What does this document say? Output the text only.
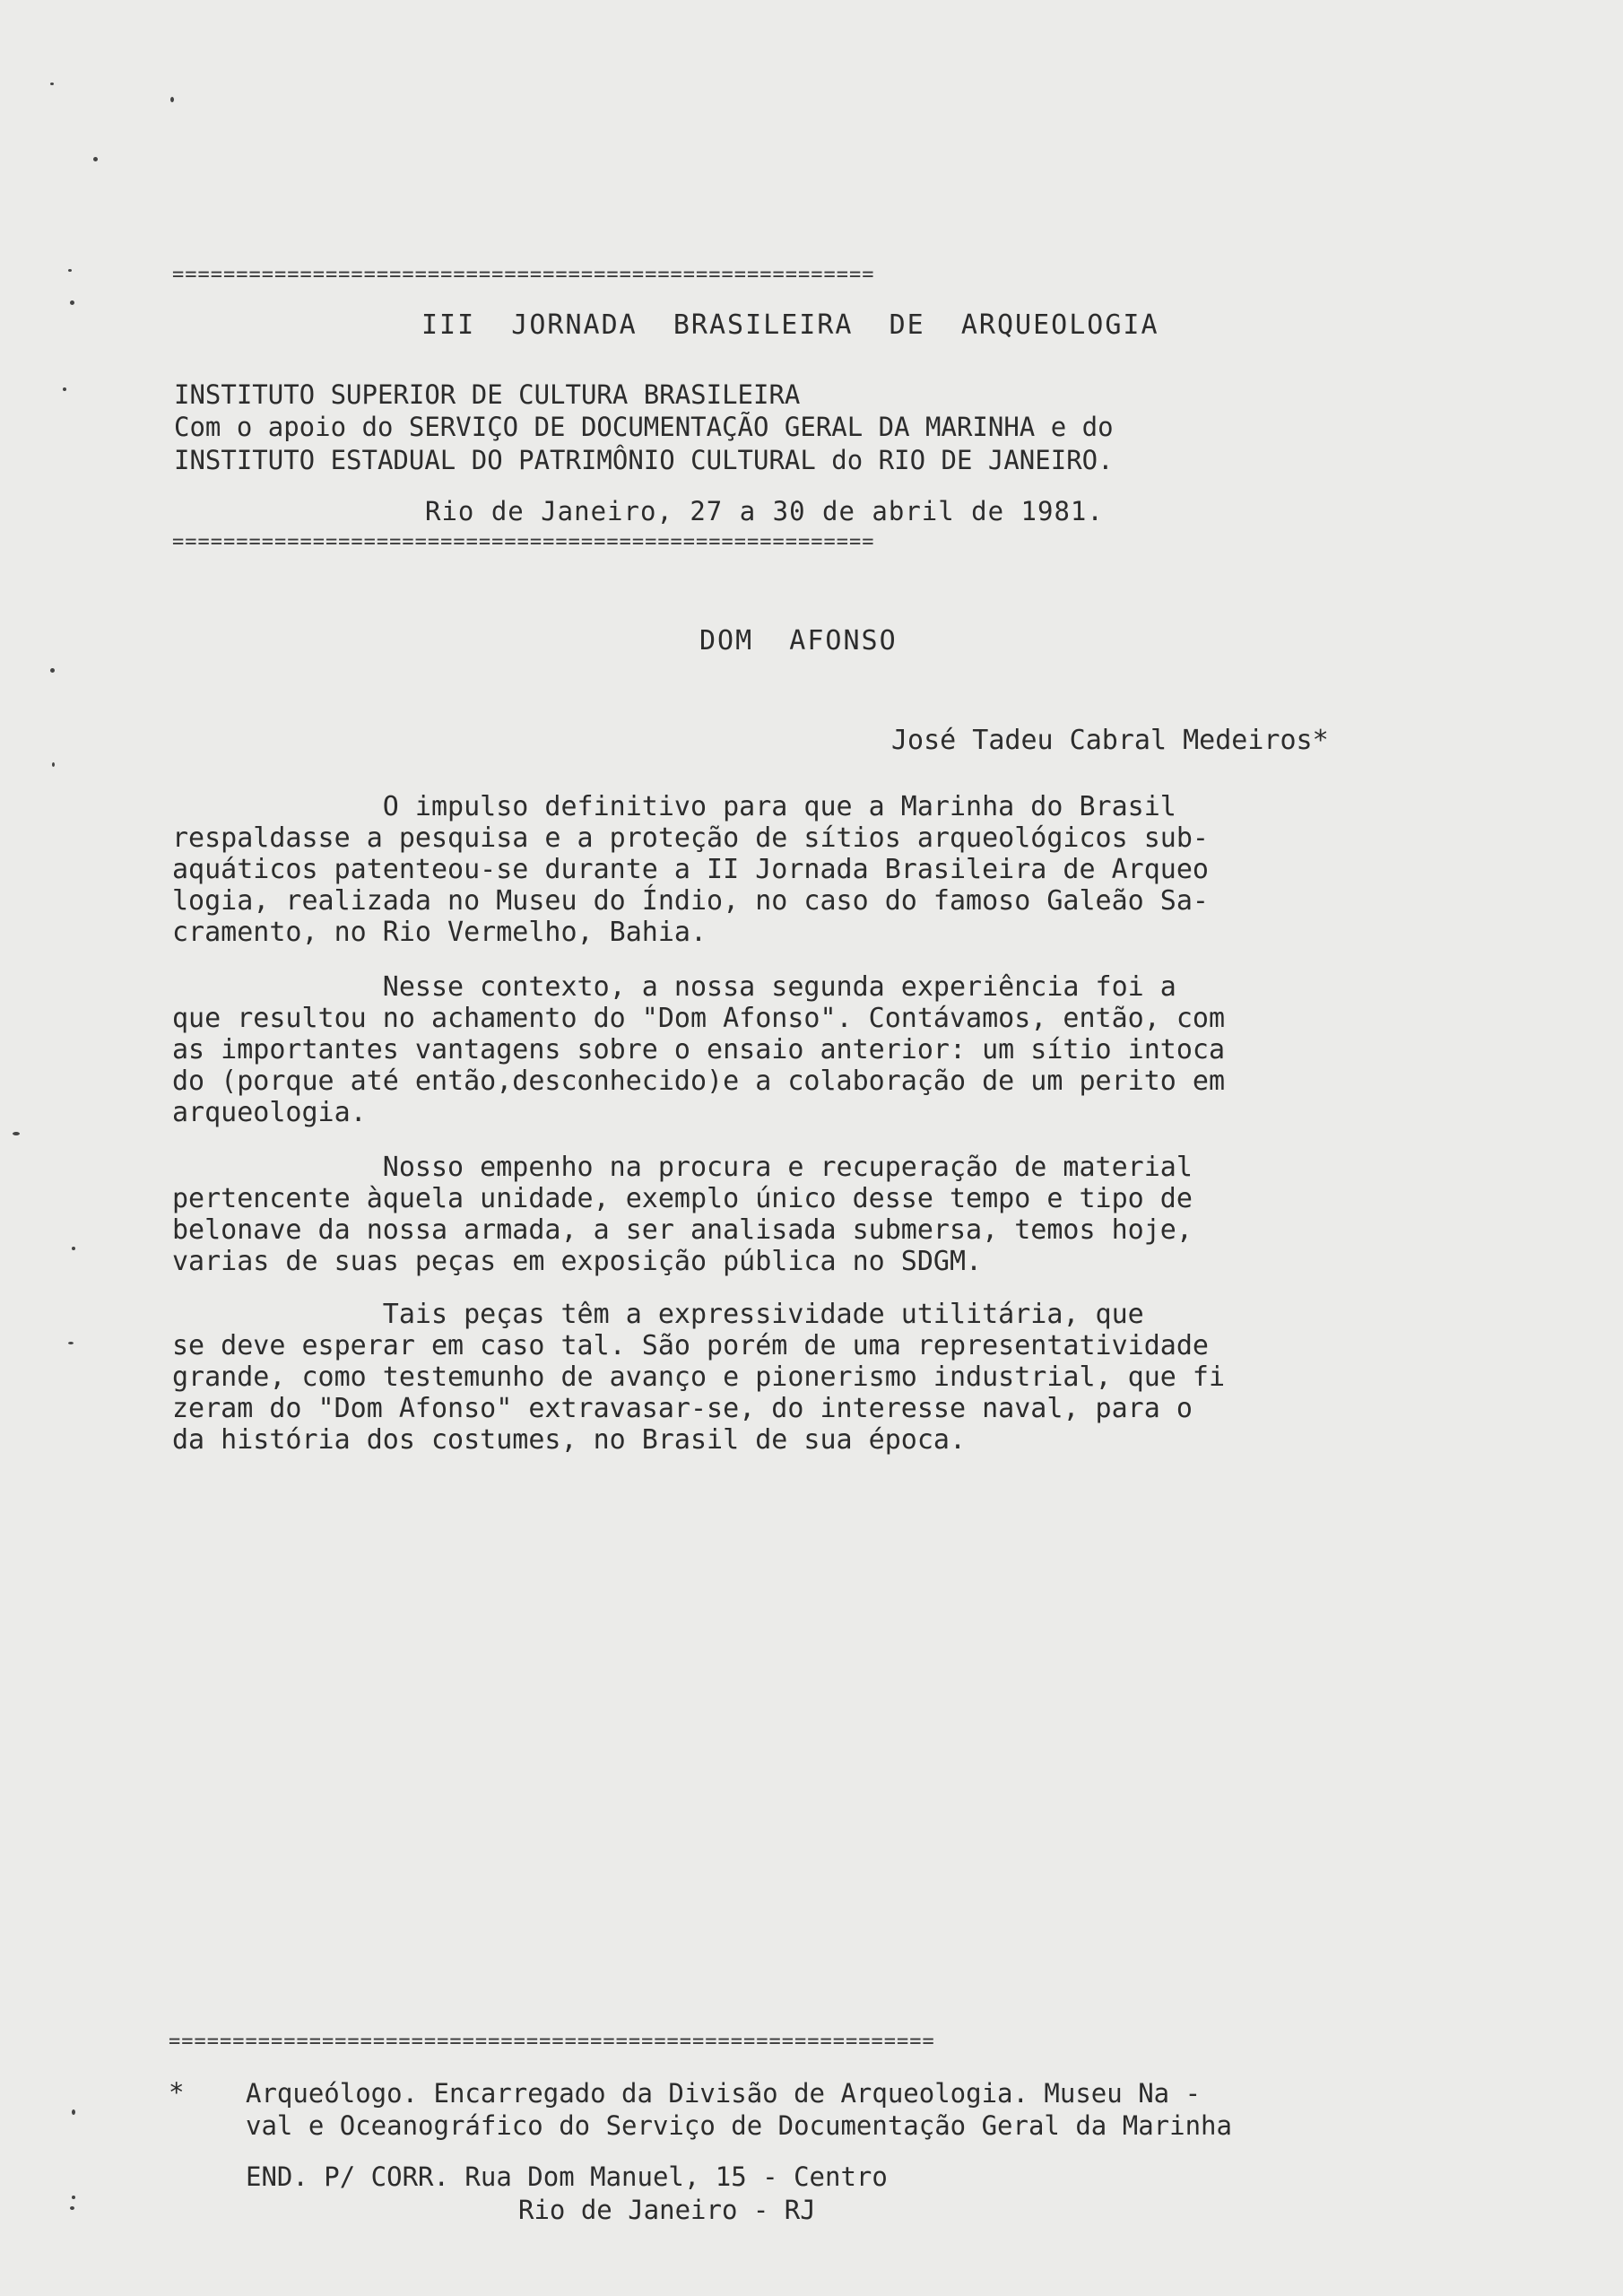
=======================================================
III  JORNADA  BRASILEIRA  DE  ARQUEOLOGIA
INSTITUTO SUPERIOR DE CULTURA BRASILEIRA
Com o apoio do SERVIÇO DE DOCUMENTAÇÃO GERAL DA MARINHA e do
INSTITUTO ESTADUAL DO PATRIMÔNIO CULTURAL do RIO DE JANEIRO.
Rio de Janeiro, 27 a 30 de abril de 1981.
=======================================================
DOM  AFONSO
José Tadeu Cabral Medeiros*
O impulso definitivo para que a Marinha do Brasil
respaldasse a pesquisa e a proteção de sítios arqueológicos sub-
aquáticos patenteou-se durante a II Jornada Brasileira de Arqueo
logia, realizada no Museu do Índio, no caso do famoso Galeão Sa-
cramento, no Rio Vermelho, Bahia.
Nesse contexto, a nossa segunda experiência foi a
que resultou no achamento do "Dom Afonso". Contávamos, então, com
as importantes vantagens sobre o ensaio anterior: um sítio intoca
do (porque até então,desconhecido)e a colaboração de um perito em
arqueologia.
Nosso empenho na procura e recuperação de material
pertencente àquela unidade, exemplo único desse tempo e tipo de
belonave da nossa armada, a ser analisada submersa, temos hoje,
varias de suas peças em exposição pública no SDGM.
Tais peças têm a expressividade utilitária, que
se deve esperar em caso tal. São porém de uma representatividade
grande, como testemunho de avanço e pionerismo industrial, que fi
zeram do "Dom Afonso" extravasar-se, do interesse naval, para o
da história dos costumes, no Brasil de sua época.
============================================================
* Arqueólogo. Encarregado da Divisão de Arqueologia. Museu Na -
val e Oceanográfico do Serviço de Documentação Geral da Marinha
END. P/ CORR. Rua Dom Manuel, 15 - Centro
Rio de Janeiro - RJ
